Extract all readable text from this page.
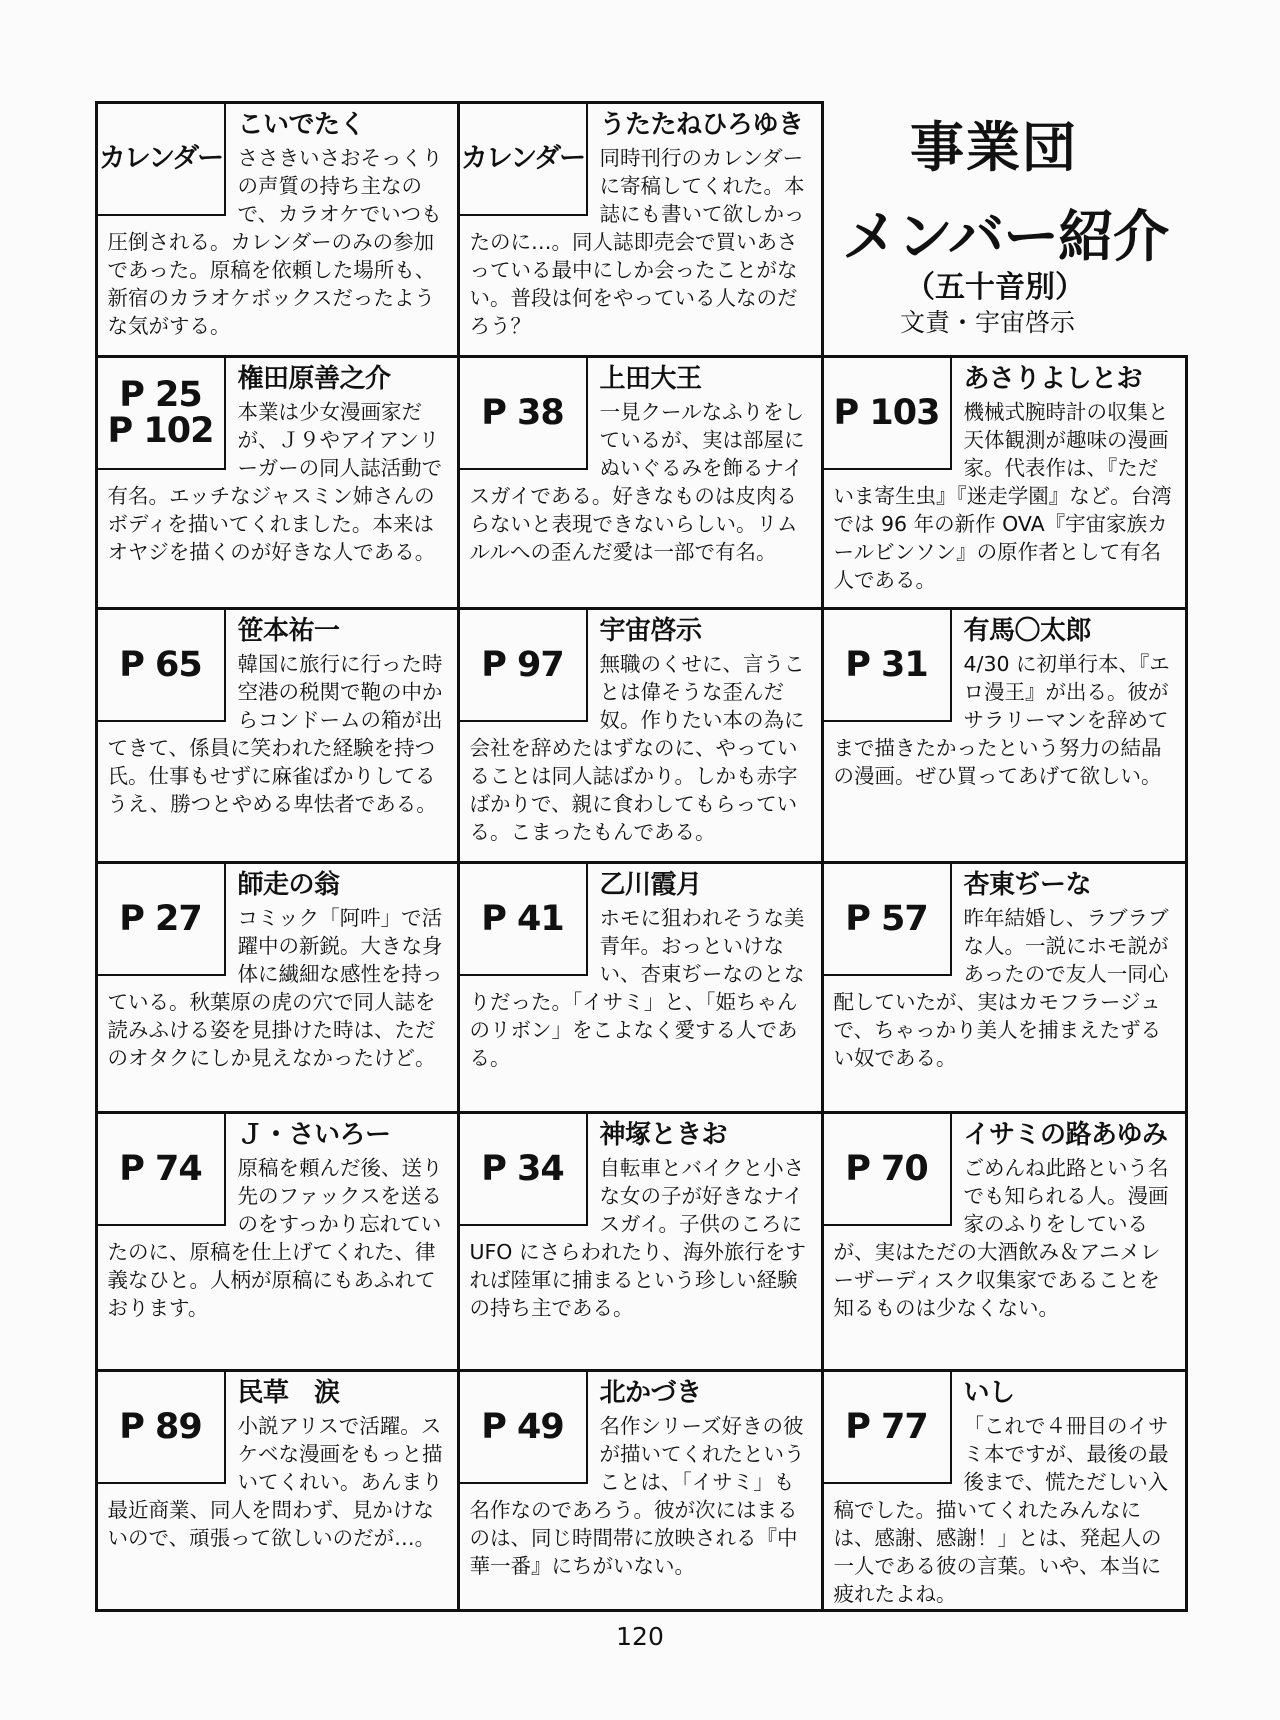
カレンダー
こいでたく

ささきいさおそっくりの声質の持ち主なので、カラオケでいつも圧倒される。カレンダーのみの参加であった。原稿を依頼した場所も、新宿のカラオケボックスだったような気がする。

カレンダー
うたたねひろゆき

同時刊行のカレンダーに寄稿してくれた。本誌にも書いて欲しかったのに…。同人誌即売会で買いあさっている最中にしか会ったことがない。普段は何をやっている人なのだろう？

P 25
P 102
権田原善之介

本業は少女漫画家だが、Ｊ９やアイアンリーガーの同人誌活動で有名。エッチなジャスミン姉さんのボディを描いてくれました。本来はオヤジを描くのが好きな人である。

P 38
上田大王

一見クールなふりをしているが、実は部屋にぬいぐるみを飾るナイスガイである。好きなものは皮肉るらないと表現できないらしい。リムルルへの歪んだ愛は一部で有名。

P 103
あさりよしとお

機械式腕時計の収集と天体観測が趣味の漫画家。代表作は、『ただいま寄生虫』『迷走学園』など。台湾では 96 年の新作 OVA『宇宙家族カールビンソン』の原作者として有名人である。

P 65
笹本祐一

韓国に旅行に行った時空港の税関で鞄の中からコンドームの箱が出てきて、係員に笑われた経験を持つ氏。仕事もせずに麻雀ばかりしてるうえ、勝つとやめる卑怯者である。

P 97
宇宙啓示

無職のくせに、言うことは偉そうな歪んだ奴。作りたい本の為に会社を辞めたはずなのに、やっていることは同人誌ばかり。しかも赤字ばかりで、親に食わしてもらっている。こまったもんである。

P 31
有馬〇太郎

4/30 に初単行本、『エロ漫王』が出る。彼がサラリーマンを辞めてまで描きたかったという努力の結晶の漫画。ぜひ買ってあげて欲しい。

P 27
師走の翁

コミック「阿吽」で活躍中の新鋭。大きな身体に繊細な感性を持っている。秋葉原の虎の穴で同人誌を読みふける姿を見掛けた時は、ただのオタクにしか見えなかったけど。

P 41
乙川霞月

ホモに狙われそうな美青年。おっといけない、杏東ぢーなのとなりだった。「イサミ」と、「姫ちゃんのリボン」をこよなく愛する人である。

P 57
杏東ぢーな

昨年結婚し、ラブラブな人。一説にホモ説があったので友人一同心配していたが、実はカモフラージュで、ちゃっかり美人を捕まえたずるい奴である。

P 74
Ｊ・さいろー

原稿を頼んだ後、送り先のファックスを送るのをすっかり忘れていたのに、原稿を仕上げてくれた、律義なひと。人柄が原稿にもあふれております。

P 34
神塚ときお

自転車とバイクと小さな女の子が好きなナイスガイ。子供のころに UFO にさらわれたり、海外旅行をすれば陸軍に捕まるという珍しい経験の持ち主である。

P 70
イサミの路あゆみ

ごめんね此路という名でも知られる人。漫画家のふりをしているが、実はただの大酒飲み＆アニメレーザーディスク収集家であることを知るものは少なくない。

P 89
民草　涙

小説アリスで活躍。スケベな漫画をもっと描いてくれい。あんまり最近商業、同人を問わず、見かけないので、頑張って欲しいのだが…。

P 49
北かづき

名作シリーズ好きの彼が描いてくれたということは、「イサミ」も名作なのであろう。彼が次にはまるのは、同じ時間帯に放映される『中華一番』にちがいない。

P 77
いし

「これで４冊目のイサミ本ですが、最後の最後まで、慌ただしい入稿でした。描いてくれたみんなには、感謝、感謝！」とは、発起人の一人である彼の言葉。いや、本当に疲れたよね。

事業団
メンバー紹介
（五十音別）
文責・宇宙啓示
120
